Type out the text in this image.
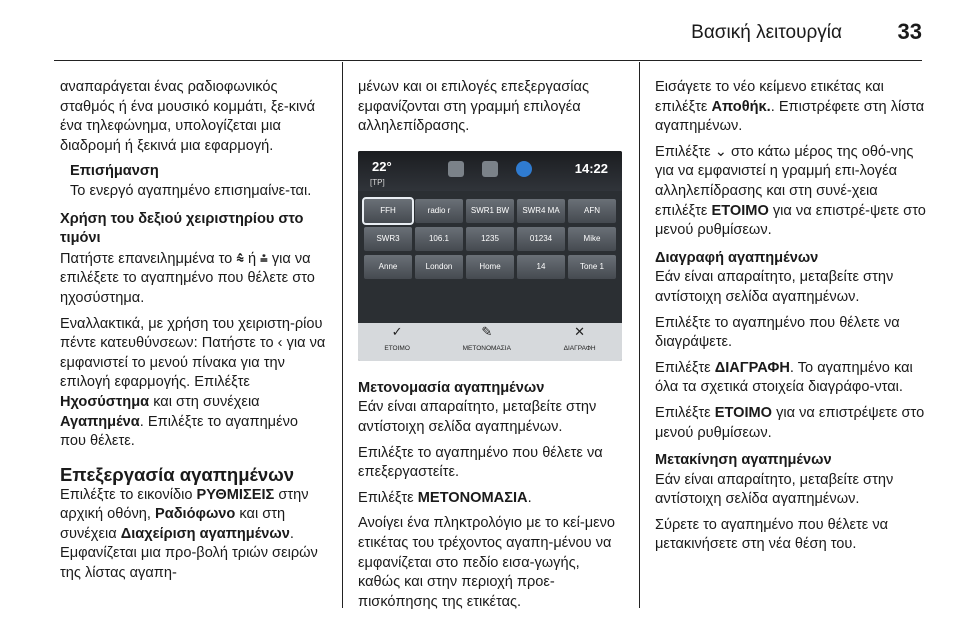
Βασική λειτουργία	33

αναπαράγεται ένας ραδιοφωνικός σταθμός ή ένα μουσικό κομμάτι, ξε-κινά ένα τηλεφώνημα, υπολογίζεται μια διαδρομή ή ξεκινά μια εφαρμογή.

Επισήμανση
Το ενεργό αγαπημένο επισημαίνε-ται.
Χρήση του δεξιού χειριστηρίου στο τιμόνι

Πατήστε επανειλημμένα το ⩯ ή ⩮ για να επιλέξετε το αγαπημένο που θέλετε στο ηχοσύστημα.

Εναλλακτικά, με χρήση του χειριστη-ρίου πέντε κατευθύνσεων: Πατήστε το ‹ για να εμφανιστεί το μενού πίνακα για την επιλογή εφαρμογής. Επιλέξτε Ηχοσύστημα και στη συνέχεια Αγαπημένα. Επιλέξτε το αγαπημένο που θέλετε.

Επεξεργασία αγαπημένων

Επιλέξτε το εικονίδιο ΡΥΘΜΙΣΕΙΣ στην αρχική οθόνη, Ραδιόφωνο και στη συνέχεια Διαχείριση αγαπημένων. Εμφανίζεται μια προ-βολή τριών σειρών της λίστας αγαπη-

μένων και οι επιλογές επεξεργασίας εμφανίζονται στη γραμμή επιλογέα αλληλεπίδρασης.

22°
[TP]
14:22
FFH	radio r	SWR1 BW	SWR4 MA	AFN
SWR3	106.1	1235	01234	Mike
Anne	London	Home	14	Tone 1
✓
ΕΤΟΙΜΟ
✎
ΜΕΤΟΝΟΜΑΣΙΑ
✕
ΔΙΑΓΡΑΦΗ
Μετονομασία αγαπημένων

Εάν είναι απαραίτητο, μεταβείτε στην αντίστοιχη σελίδα αγαπημένων.

Επιλέξτε το αγαπημένο που θέλετε να επεξεργαστείτε.

Επιλέξτε ΜΕΤΟΝΟΜΑΣΙΑ.

Ανοίγει ένα πληκτρολόγιο με το κεί-μενο ετικέτας του τρέχοντος αγαπη-μένου να εμφανίζεται στο πεδίο εισα-γωγής, καθώς και στην περιοχή προε-πισκόπησης της ετικέτας.

Εισάγετε το νέο κείμενο ετικέτας και επιλέξτε Αποθήκ.. Επιστρέφετε στη λίστα αγαπημένων.

Επιλέξτε ⌄ στο κάτω μέρος της οθό-νης για να εμφανιστεί η γραμμή επι-λογέα αλληλεπίδρασης και στη συνέ-χεια επιλέξτε ΕΤΟΙΜΟ για να επιστρέ-ψετε στο μενού ρυθμίσεων.

Διαγραφή αγαπημένων

Εάν είναι απαραίτητο, μεταβείτε στην αντίστοιχη σελίδα αγαπημένων.

Επιλέξτε το αγαπημένο που θέλετε να διαγράψετε.

Επιλέξτε ΔΙΑΓΡΑΦΗ. Το αγαπημένο και όλα τα σχετικά στοιχεία διαγράφο-νται.

Επιλέξτε ΕΤΟΙΜΟ για να επιστρέψετε στο μενού ρυθμίσεων.

Μετακίνηση αγαπημένων

Εάν είναι απαραίτητο, μεταβείτε στην αντίστοιχη σελίδα αγαπημένων.

Σύρετε το αγαπημένο που θέλετε να μετακινήσετε στη νέα θέση του.
